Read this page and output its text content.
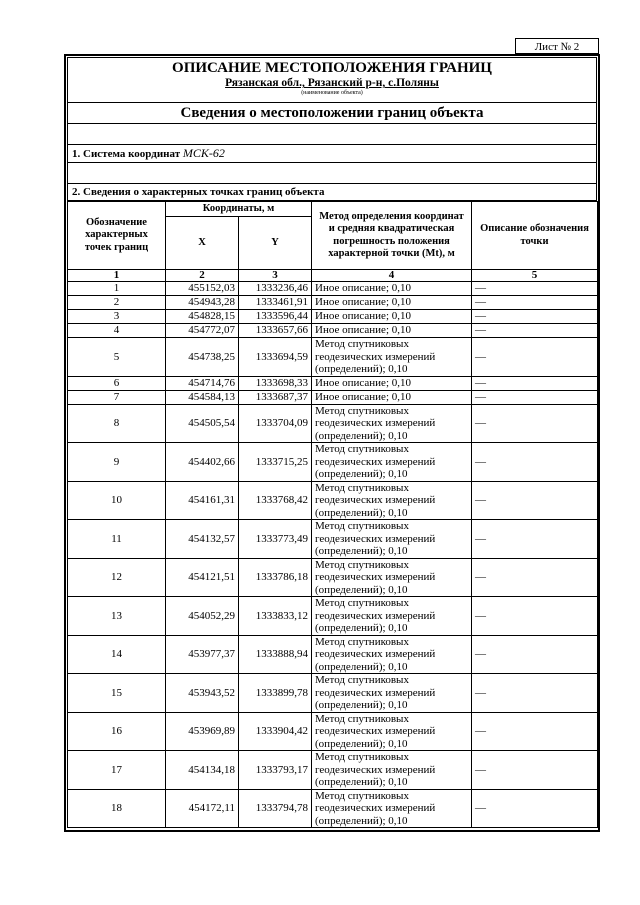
Лист № 2
ОПИСАНИЕ МЕСТОПОЛОЖЕНИЯ ГРАНИЦ
Рязанская обл., Рязанский р-н, с.Поляны
(наименование объекта)
Сведения о местоположении границ объекта
1. Система координат МСК-62
2. Сведения о характерных точках границ объекта
Обозначение характерных точек границ	Координаты, м		Метод определения координат и средняя квадратическая погрешность положения характерной точки (Mt), м	Описание обозначения точки
	X	Y		
1	2	3	4	5
1	455152,03	1333236,46	Иное описание; 0,10	—
2	454943,28	1333461,91	Иное описание; 0,10	—
3	454828,15	1333596,44	Иное описание; 0,10	—
4	454772,07	1333657,66	Иное описание; 0,10	—
5	454738,25	1333694,59	Метод спутниковых геодезических измерений (определений); 0,10	—
6	454714,76	1333698,33	Иное описание; 0,10	—
7	454584,13	1333687,37	Иное описание; 0,10	—
8	454505,54	1333704,09	Метод спутниковых геодезических измерений (определений); 0,10	—
9	454402,66	1333715,25	Метод спутниковых геодезических измерений (определений); 0,10	—
10	454161,31	1333768,42	Метод спутниковых геодезических измерений (определений); 0,10	—
11	454132,57	1333773,49	Метод спутниковых геодезических измерений (определений); 0,10	—
12	454121,51	1333786,18	Метод спутниковых геодезических измерений (определений); 0,10	—
13	454052,29	1333833,12	Метод спутниковых геодезических измерений (определений); 0,10	—
14	453977,37	1333888,94	Метод спутниковых геодезических измерений (определений); 0,10	—
15	453943,52	1333899,78	Метод спутниковых геодезических измерений (определений); 0,10	—
16	453969,89	1333904,42	Метод спутниковых геодезических измерений (определений); 0,10	—
17	454134,18	1333793,17	Метод спутниковых геодезических измерений (определений); 0,10	—
18	454172,11	1333794,78	Метод спутниковых геодезических измерений (определений); 0,10	—
